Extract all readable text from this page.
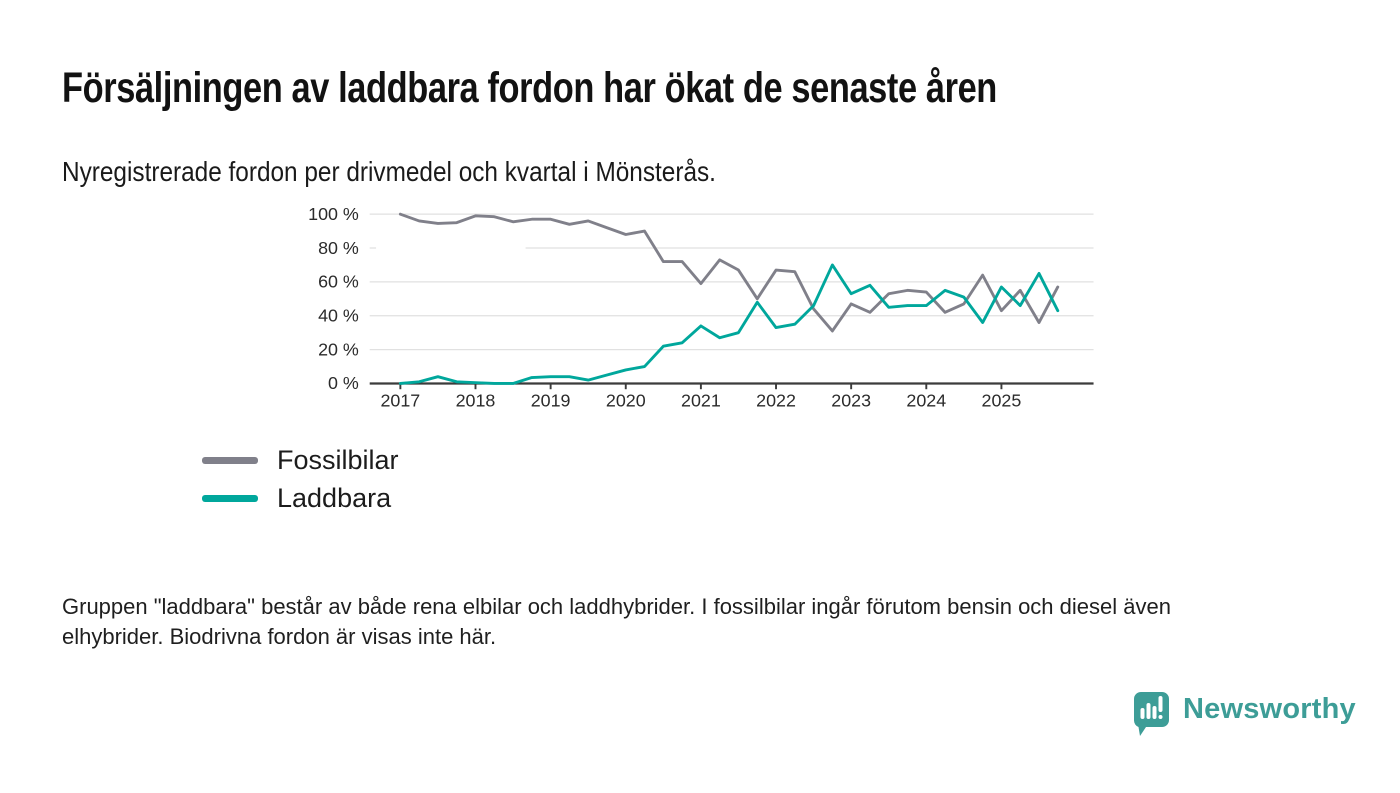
Försäljningen av laddbara fordon har ökat de senaste åren

Nyregistrerade fordon per drivmedel och kvartal i Mönsterås.

100 %
80 %
60 %
40 %
20 %
0 %
2017 2018 2019 2020 2021 2022 2023 2024 2025
Fossilbilar
Laddbara
Gruppen "laddbara" består av både rena elbilar och laddhybrider. I fossilbilar ingår förutom bensin och diesel även
elhybrider. Biodrivna fordon är visas inte här.
Newsworthy
